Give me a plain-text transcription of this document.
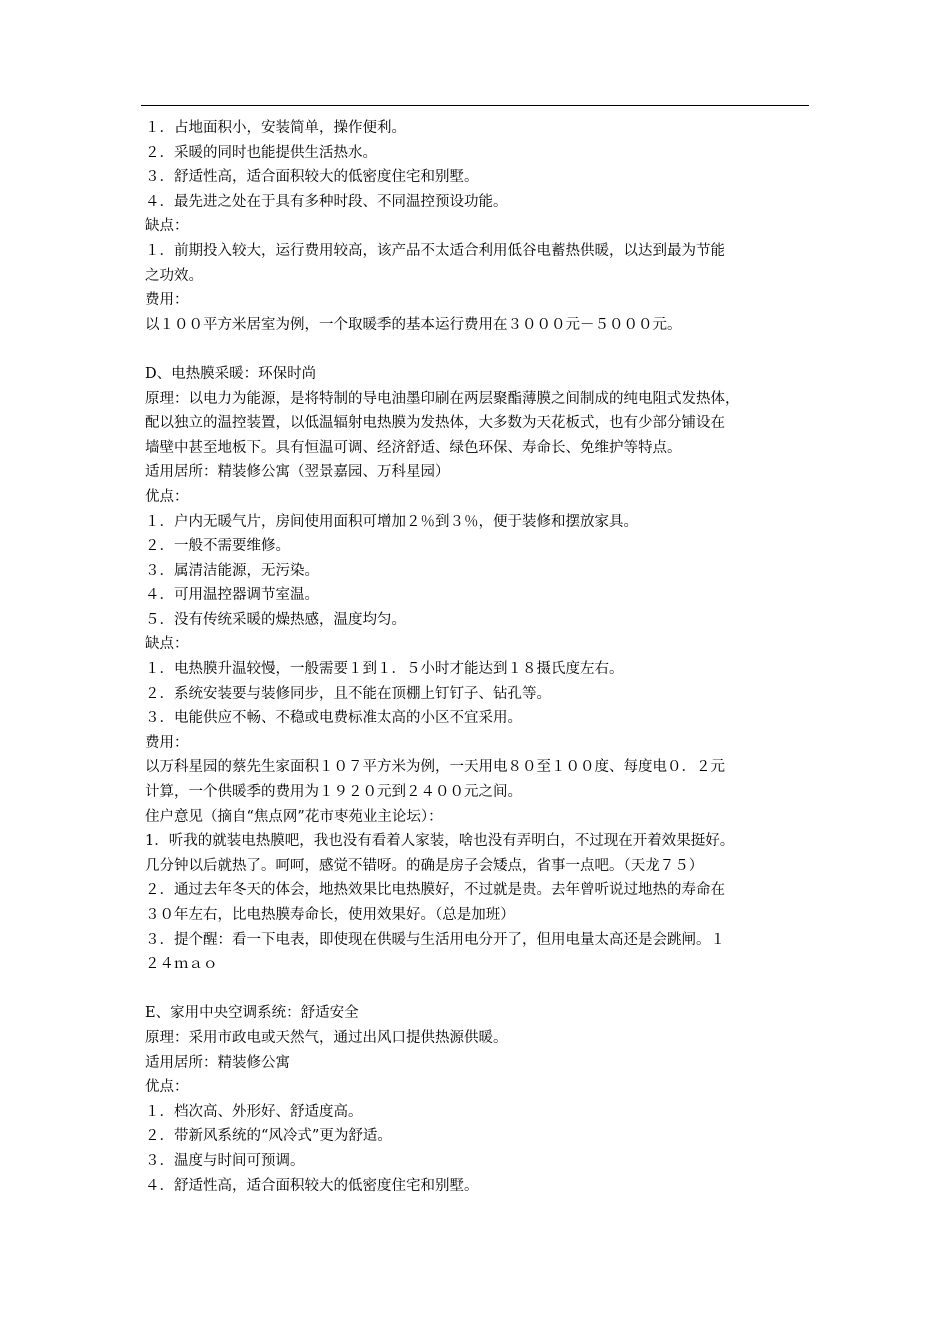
１．占地面积小，安装简单，操作便利。
２．采暖的同时也能提供生活热水。
３．舒适性高，适合面积较大的低密度住宅和别墅。
４．最先进之处在于具有多种时段、不同温控预设功能。
缺点：
１．前期投入较大，运行费用较高，该产品不太适合利用低谷电蓄热供暖，以达到最为节能
之功效。
费用：
以１００平方米居室为例，一个取暖季的基本运行费用在３０００元－５０００元。
D、电热膜采暖：环保时尚
原理：以电力为能源，是将特制的导电油墨印刷在两层聚酯薄膜之间制成的纯电阻式发热体，
配以独立的温控装置，以低温辐射电热膜为发热体，大多数为天花板式，也有少部分铺设在
墙壁中甚至地板下。具有恒温可调、经济舒适、绿色环保、寿命长、免维护等特点。
适用居所：精装修公寓（翌景嘉园、万科星园）
优点：
１．户内无暖气片，房间使用面积可增加２％到３％，便于装修和摆放家具。
２．一般不需要维修。
３．属清洁能源，无污染。
４．可用温控器调节室温。
５．没有传统采暖的燥热感，温度均匀。
缺点：
１．电热膜升温较慢，一般需要１到１．５小时才能达到１８摄氏度左右。
２．系统安装要与装修同步，且不能在顶棚上钉钉子、钻孔等。
３．电能供应不畅、不稳或电费标准太高的小区不宜采用。
费用：
以万科星园的蔡先生家面积１０７平方米为例，一天用电８０至１００度、每度电０．２元
计算，一个供暖季的费用为１９２０元到２４００元之间。
住户意见（摘自“焦点网”花市枣苑业主论坛）：
1．听我的就装电热膜吧，我也没有看着人家装，啥也没有弄明白，不过现在开着效果挺好。
几分钟以后就热了。呵呵，感觉不错呀。的确是房子会矮点，省事一点吧。（天龙７５）
２．通过去年冬天的体会，地热效果比电热膜好，不过就是贵。去年曾听说过地热的寿命在
３０年左右，比电热膜寿命长，使用效果好。（总是加班）
３．提个醒：看一下电表，即使现在供暖与生活用电分开了，但用电量太高还是会跳闸。１
２４ｍａｏ
E、家用中央空调系统：舒适安全
原理：采用市政电或天然气，通过出风口提供热源供暖。
适用居所：精装修公寓
优点：
１．档次高、外形好、舒适度高。
２．带新风系统的“风冷式”更为舒适。
３．温度与时间可预调。
４．舒适性高，适合面积较大的低密度住宅和别墅。
